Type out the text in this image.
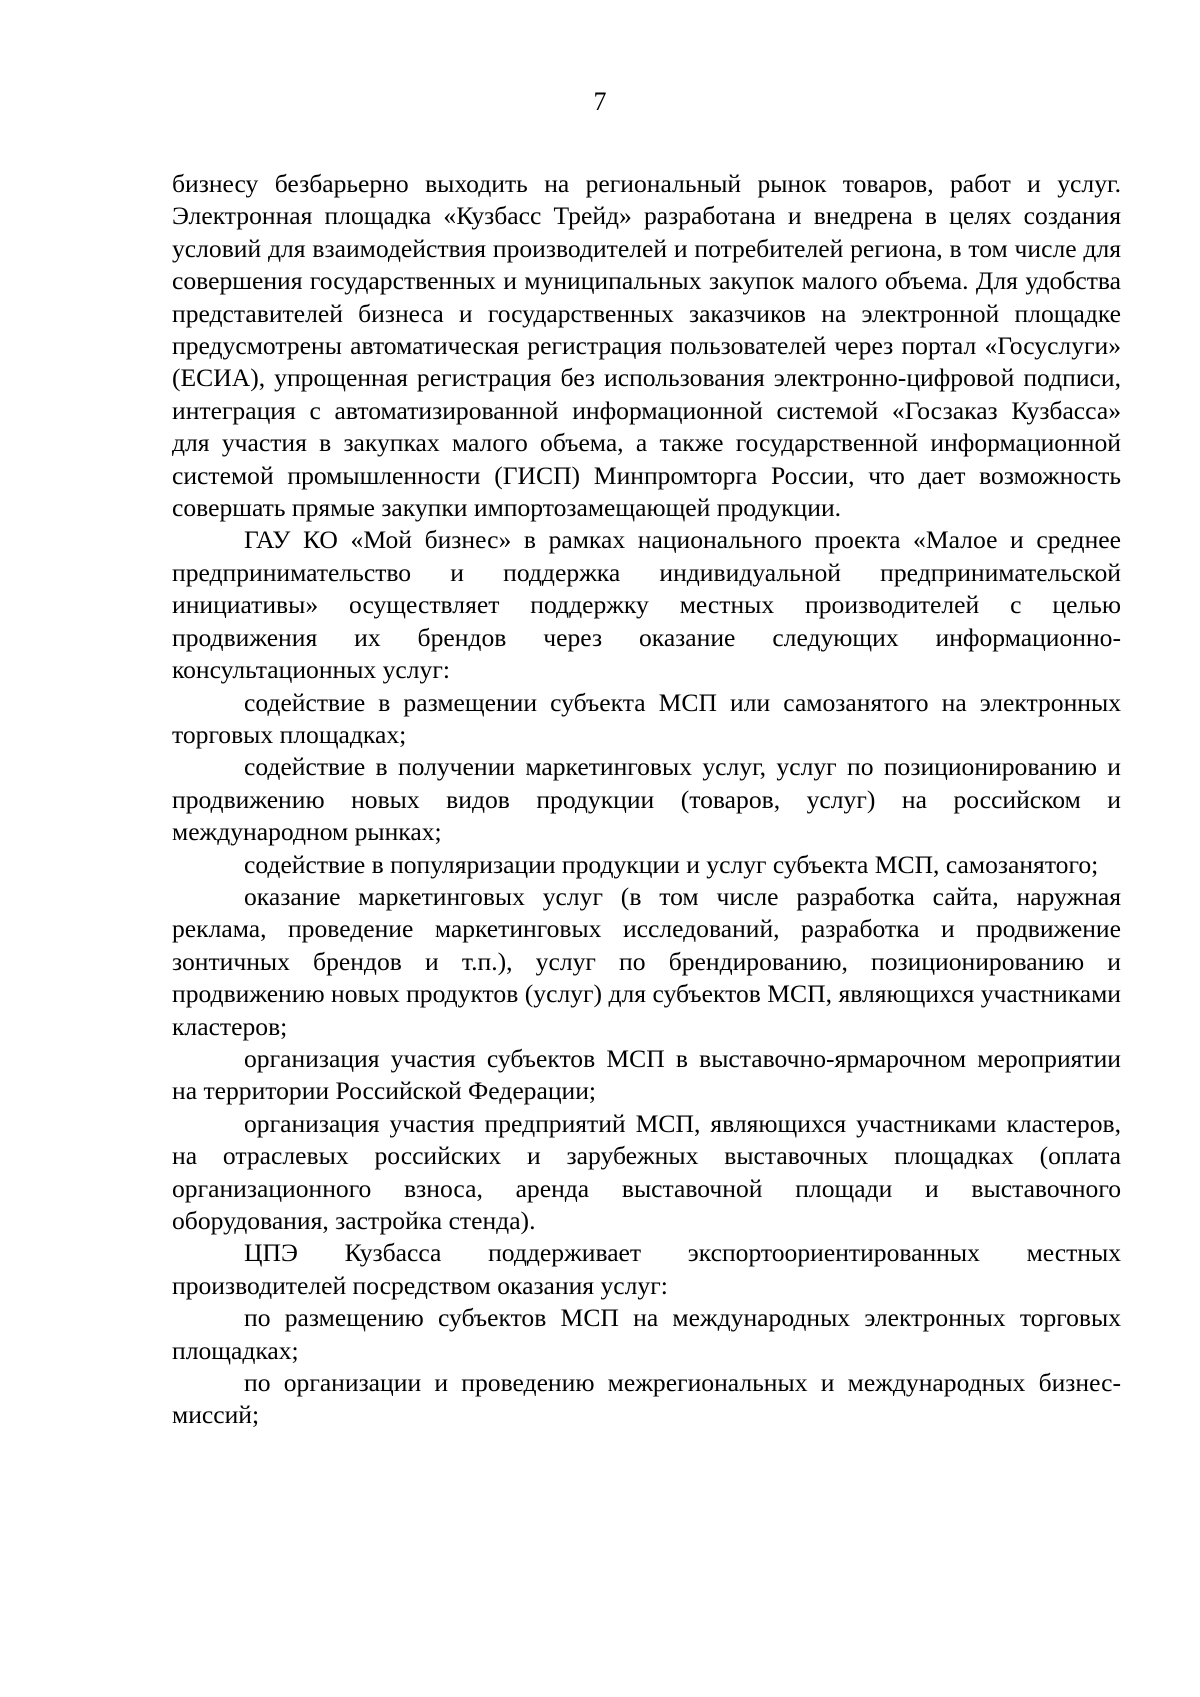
7

бизнесу безбарьерно выходить на региональный рынок товаров, работ и услуг. Электронная площадка «Кузбасс Трейд» разработана и внедрена в целях создания условий для взаимодействия производителей и потребителей региона, в том числе для совершения государственных и муниципальных закупок малого объема. Для удобства представителей бизнеса и государственных заказчиков на электронной площадке предусмотрены автоматическая регистрация пользователей через портал «Госуслуги» (ЕСИА), упрощенная регистрация без использования электронно-цифровой подписи, интеграция с автоматизированной информационной системой «Госзаказ Кузбасса» для участия в закупках малого объема, а также государственной информационной системой промышленности (ГИСП) Минпромторга России, что дает возможность совершать прямые закупки импортозамещающей продукции.

ГАУ КО «Мой бизнес» в рамках национального проекта «Малое и среднее предпринимательство и поддержка индивидуальной предпринимательской инициативы» осуществляет поддержку местных производителей с целью продвижения их брендов через оказание следующих информационно-консультационных услуг:

содействие в размещении субъекта МСП или самозанятого на электронных торговых площадках;

содействие в получении маркетинговых услуг, услуг по позиционированию и продвижению новых видов продукции (товаров, услуг) на российском и международном рынках;

содействие в популяризации продукции и услуг субъекта МСП, самозанятого;

оказание маркетинговых услуг (в том числе разработка сайта, наружная реклама, проведение маркетинговых исследований, разработка и продвижение зонтичных брендов и т.п.), услуг по брендированию, позиционированию и продвижению новых продуктов (услуг) для субъектов МСП, являющихся участниками кластеров;

организация участия субъектов МСП в выставочно-ярмарочном мероприятии на территории Российской Федерации;

организация участия предприятий МСП, являющихся участниками кластеров, на отраслевых российских и зарубежных выставочных площадках (оплата организационного взноса, аренда выставочной площади и выставочного оборудования, застройка стенда).

ЦПЭ Кузбасса поддерживает экспортоориентированных местных производителей посредством оказания услуг:

по размещению субъектов МСП на международных электронных торговых площадках;

по организации и проведению межрегиональных и международных бизнес-миссий;
